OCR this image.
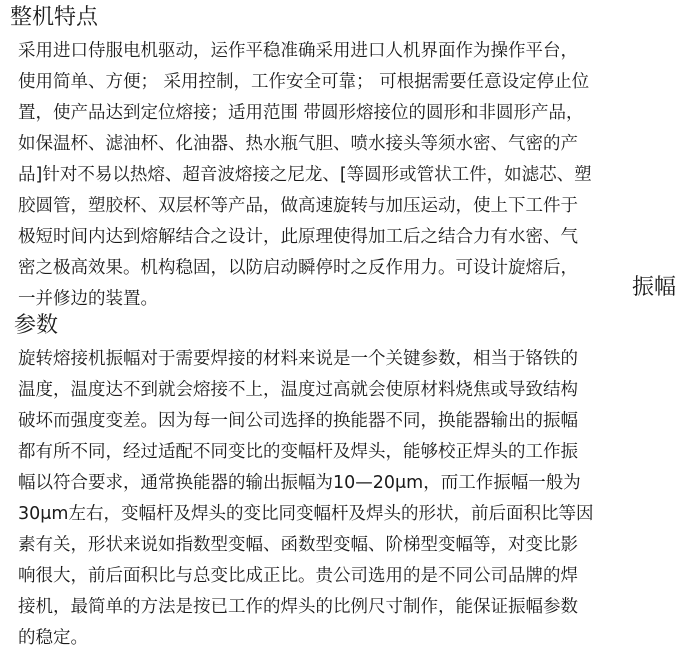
整机特点
采用进口侍服电机驱动，运作平稳准确采用进口人机界面作为操作平台，
使用简单、方便； 采用控制，工作安全可靠； 可根据需要任意设定停止位
置，使产品达到定位熔接；适用范围 带圆形熔接位的圆形和非圆形产品，
如保温杯、滤油杯、化油器、热水瓶气胆、喷水接头等须水密、气密的产
品]针对不易以热熔、超音波熔接之尼龙、[等圆形或管状工件，如滤芯、塑
胶圆管，塑胶杯、双层杯等产品，做高速旋转与加压运动，使上下工件于
极短时间内达到熔解结合之设计，此原理使得加工后之结合力有水密、气
密之极高效果。机构稳固，以防启动瞬停时之反作用力。可设计旋熔后，
一并修边的装置。	振幅
参数
旋转熔接机振幅对于需要焊接的材料来说是一个关键参数，相当于铬铁的
温度，温度达不到就会熔接不上，温度过高就会使原材料烧焦或导致结构
破坏而强度变差。因为每一间公司选择的换能器不同，换能器输出的振幅
都有所不同，经过适配不同变比的变幅杆及焊头，能够校正焊头的工作振
幅以符合要求，通常换能器的输出振幅为10—20μm，而工作振幅一般为
30μm左右，变幅杆及焊头的变比同变幅杆及焊头的形状，前后面积比等因
素有关，形状来说如指数型变幅、函数型变幅、阶梯型变幅等，对变比影
响很大，前后面积比与总变比成正比。贵公司选用的是不同公司品牌的焊
接机，最简单的方法是按已工作的焊头的比例尺寸制作，能保证振幅参数
的稳定。
